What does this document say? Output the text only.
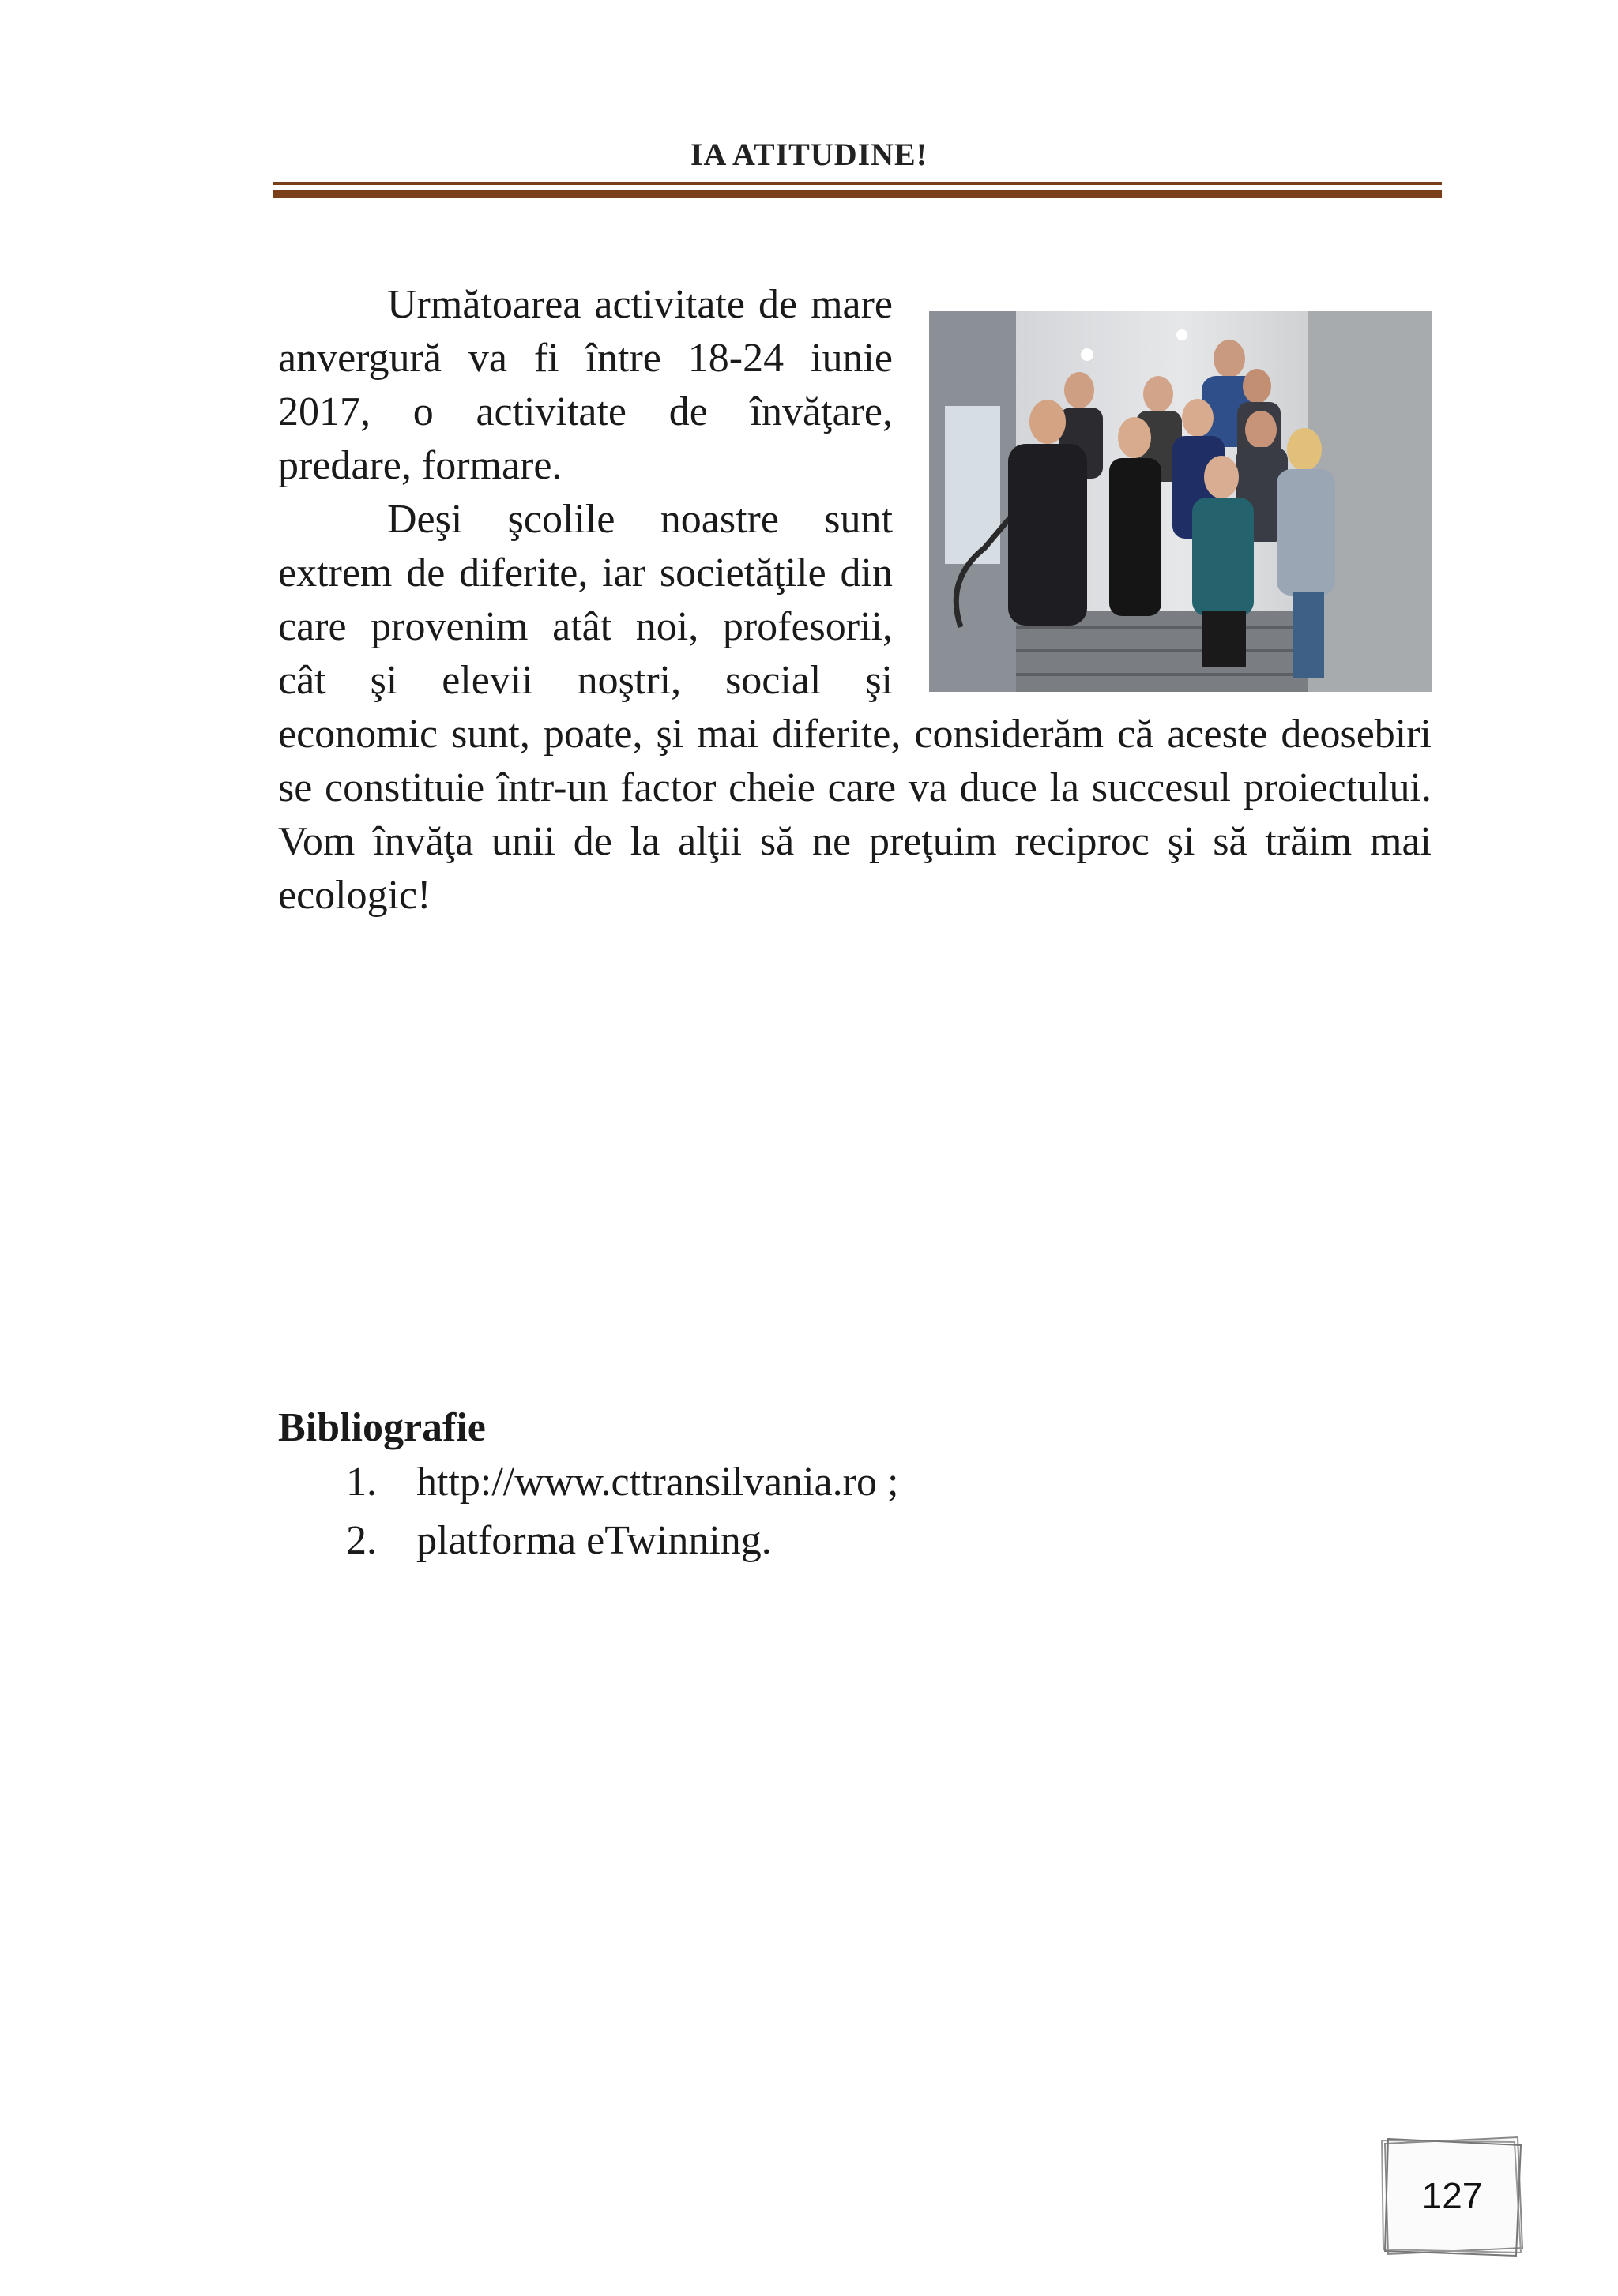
IA ATITUDINE!

Următoarea activitate de mare anvergură va fi între 18-24 iunie 2017, o activitate de învăţare, predare, formare.

Deşi şcolile noastre sunt extrem de diferite, iar societăţile din care provenim atât noi, profesorii, cât şi elevii noştri, social şi economic sunt, poate, şi mai diferite, considerăm că aceste deosebiri se constituie într-un factor cheie care va duce la succesul proiectului. Vom învăţa unii de la alţii să ne preţuim reciproc şi să trăim mai ecologic!

Bibliografie
1. http://www.cttransilvania.ro ;
2. platforma eTwinning.
127
